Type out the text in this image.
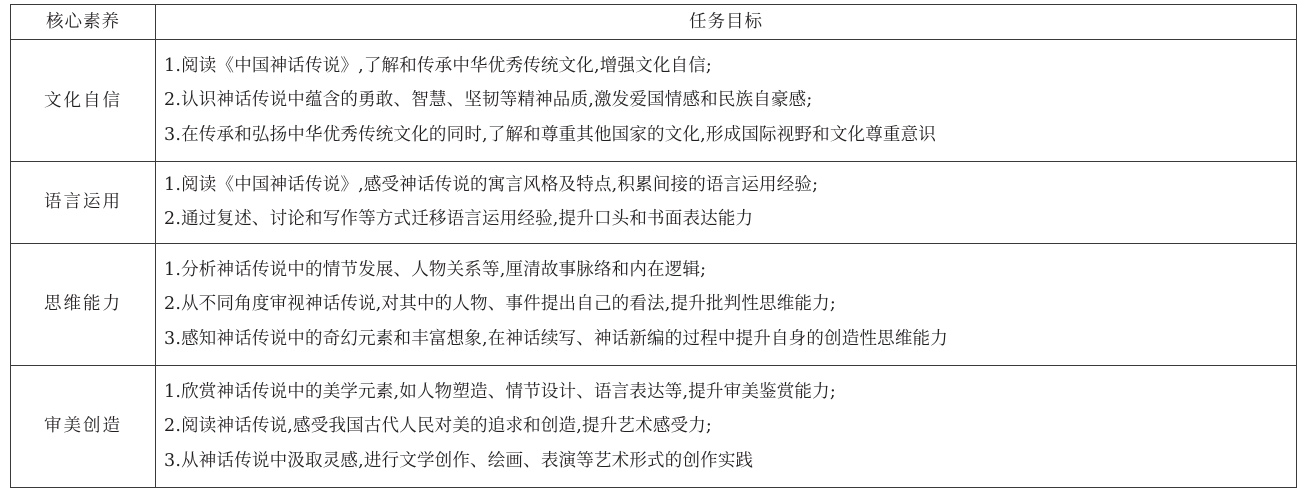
核心素养	任务目标
文化自信	1.阅读《中国神话传说》,了解和传承中华优秀传统文化,增强文化自信;
2.认识神话传说中蕴含的勇敢、智慧、坚韧等精神品质,激发爱国情感和民族自豪感;
3.在传承和弘扬中华优秀传统文化的同时,了解和尊重其他国家的文化,形成国际视野和文化尊重意识

语言运用	1.阅读《中国神话传说》,感受神话传说的寓言风格及特点,积累间接的语言运用经验;
2.通过复述、讨论和写作等方式迁移语言运用经验,提升口头和书面表达能力

思维能力	1.分析神话传说中的情节发展、人物关系等,厘清故事脉络和内在逻辑;
2.从不同角度审视神话传说,对其中的人物、事件提出自己的看法,提升批判性思维能力;
3.感知神话传说中的奇幻元素和丰富想象,在神话续写、神话新编的过程中提升自身的创造性思维能力

审美创造	1.欣赏神话传说中的美学元素,如人物塑造、情节设计、语言表达等,提升审美鉴赏能力;
2.阅读神话传说,感受我国古代人民对美的追求和创造,提升艺术感受力;
3.从神话传说中汲取灵感,进行文学创作、绘画、表演等艺术形式的创作实践
